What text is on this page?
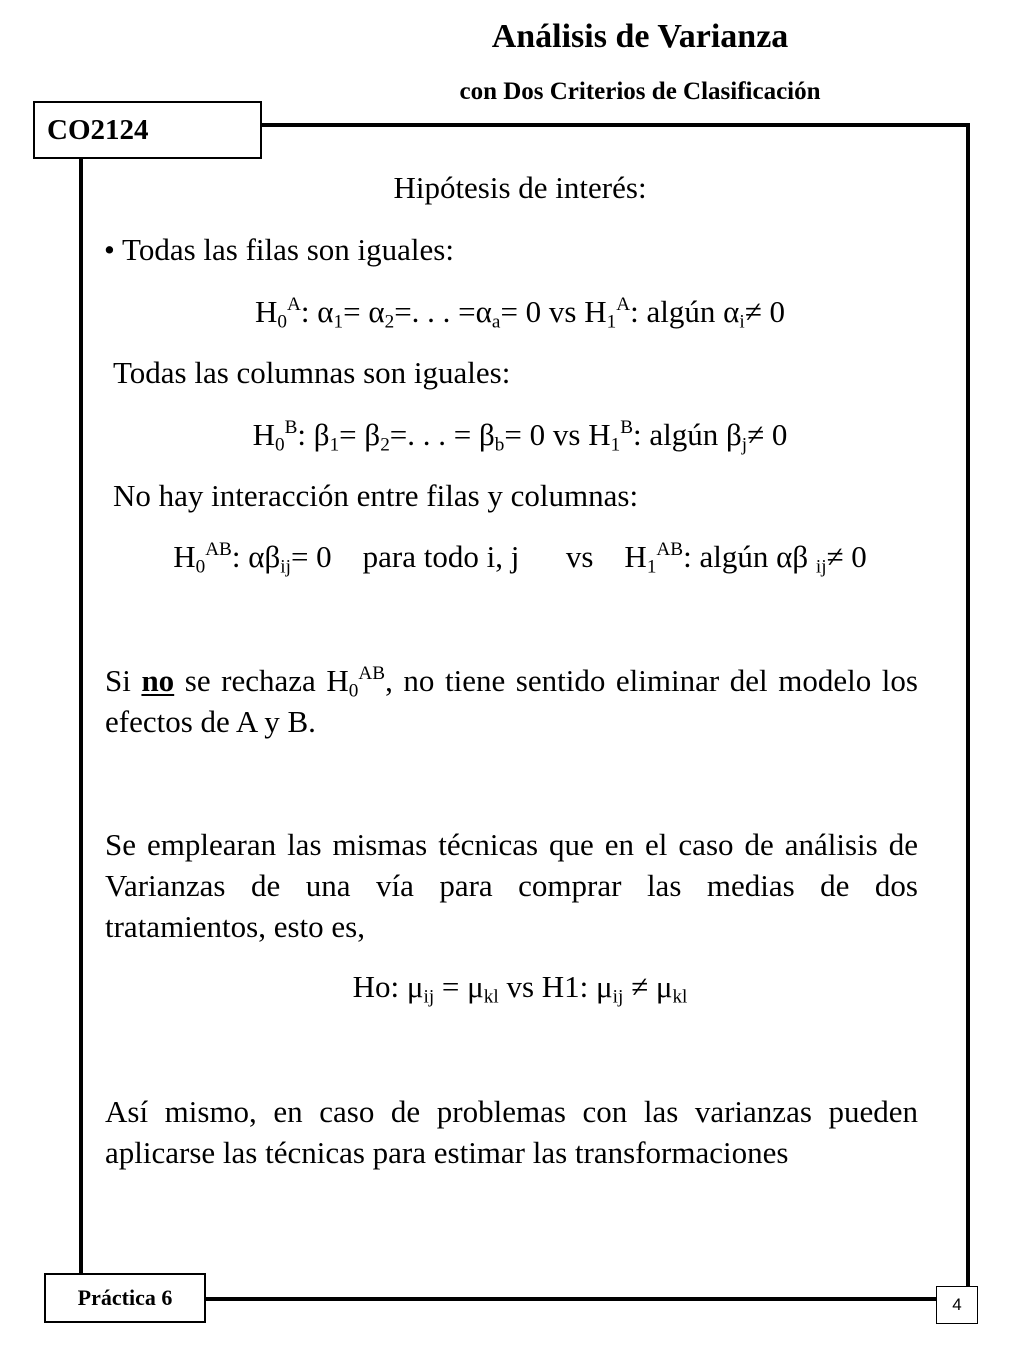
Análisis de Varianza
con Dos Criterios de Clasificación
CO2124

Hipótesis de interés:

• Todas las filas son iguales:

$H_0^A$: $\alpha_1= \alpha_2=$. . . $=\alpha_a= 0$ vs $H_1^A$: algún $\alpha_i\ne 0$

Todas las columnas son iguales:

$H_0^B$: $\beta_1= \beta_2=$. . . = $\beta_b= 0$ vs $H_1^B$: algún $\beta_j\ne 0$

No hay interacción entre filas y columnas:

$H_0^{AB}$: $\alpha\beta_{ij}= 0$    para todo i, j      vs    $H_1^{AB}$: algún αβ $_{ij}$≠ 0

Si no se rechaza $H_0^{AB}$, no tiene sentido eliminar del modelo los efectos de A y B.

Se emplearan las mismas técnicas que en el caso de análisis de Varianzas de una vía para comprar las medias de dos tratamientos, esto es,

Ho: $\mu_{ij} = \mu_{kl}$ vs H1: $\mu_{ij} \ne \mu_{kl}$

Así mismo, en caso de problemas con las varianzas pueden aplicarse las técnicas para estimar las transformaciones

Práctica 6	4
